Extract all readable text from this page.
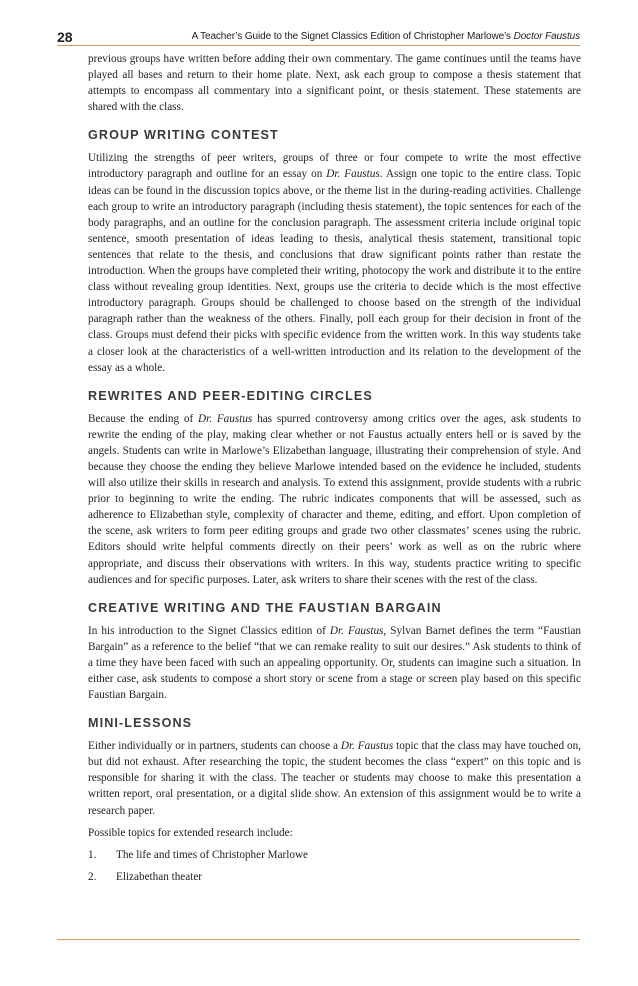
28	A Teacher’s Guide to the Signet Classics Edition of Christopher Marlowe’s Doctor Faustus

previous groups have written before adding their own commentary. The game continues until the teams have played all bases and return to their home plate. Next, ask each group to compose a thesis statement that attempts to encompass all commentary into a significant point, or thesis statement. These statements are shared with the class.

GROUP WRITING CONTEST

Utilizing the strengths of peer writers, groups of three or four compete to write the most effective introductory paragraph and outline for an essay on Dr. Faustus. Assign one topic to the entire class. Topic ideas can be found in the discussion topics above, or the theme list in the during-reading activities. Challenge each group to write an introductory paragraph (including thesis statement), the topic sentences for each of the body paragraphs, and an outline for the conclusion paragraph. The assessment criteria include original topic sentence, smooth presentation of ideas leading to thesis, analytical thesis statement, transitional topic sentences that relate to the thesis, and conclusions that draw significant points rather than restate the introduction. When the groups have completed their writing, photocopy the work and distribute it to the entire class without revealing group identities. Next, groups use the criteria to decide which is the most effective introductory paragraph. Groups should be challenged to choose based on the strength of the individual paragraph rather than the weakness of the others. Finally, poll each group for their decision in front of the class. Groups must defend their picks with specific evidence from the written work. In this way students take a closer look at the characteristics of a well-written introduction and its relation to the development of the essay as a whole.

REWRITES AND PEER-EDITING CIRCLES

Because the ending of Dr. Faustus has spurred controversy among critics over the ages, ask students to rewrite the ending of the play, making clear whether or not Faustus actually enters hell or is saved by the angels. Students can write in Marlowe’s Elizabethan language, illustrating their comprehension of style. And because they choose the ending they believe Marlowe intended based on the evidence he included, students will also utilize their skills in research and analysis. To extend this assignment, provide students with a rubric prior to beginning to write the ending. The rubric indicates components that will be assessed, such as adherence to Elizabethan style, complexity of character and theme, editing, and effort. Upon completion of the scene, ask writers to form peer editing groups and grade two other classmates’ scenes using the rubric. Editors should write helpful comments directly on their peers’ work as well as on the rubric where appropriate, and discuss their observations with writers. In this way, students practice writing to specific audiences and for specific purposes. Later, ask writers to share their scenes with the rest of the class.

CREATIVE WRITING AND THE FAUSTIAN BARGAIN

In his introduction to the Signet Classics edition of Dr. Faustus, Sylvan Barnet defines the term “Faustian Bargain” as a reference to the belief “that we can remake reality to suit our desires.” Ask students to think of a time they have been faced with such an appealing opportunity. Or, students can imagine such a situation. In either case, ask students to compose a short story or scene from a stage or screen play based on this specific Faustian Bargain.

MINI-LESSONS

Either individually or in partners, students can choose a Dr. Faustus topic that the class may have touched on, but did not exhaust. After researching the topic, the student becomes the class “expert” on this topic and is responsible for sharing it with the class. The teacher or students may choose to make this presentation a written report, oral presentation, or a digital slide show. An extension of this assignment would be to write a research paper.

Possible topics for extended research include:

1.	The life and times of Christopher Marlowe
2.	Elizabethan theater
